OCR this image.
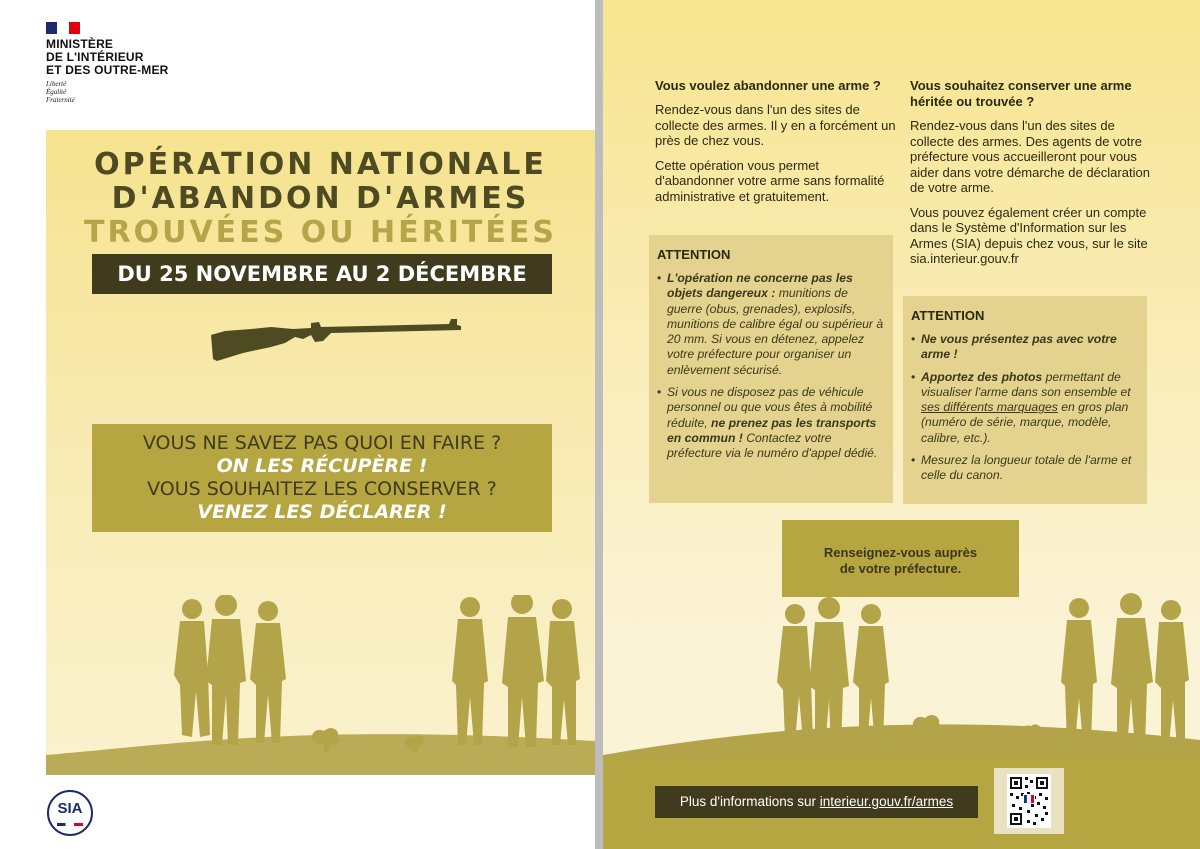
MINISTÈRE
DE L'INTÉRIEUR
ET DES OUTRE-MER
Liberté
Égalité
Fraternité
OPÉRATION NATIONALE
D'ABANDON D'ARMES
TROUVÉES OU HÉRITÉES
DU 25 NOVEMBRE AU 2 DÉCEMBRE

VOUS NE SAVEZ PAS QUOI EN FAIRE ?

ON LES RÉCUPÈRE !

VOUS SOUHAITEZ LES CONSERVER ?

VENEZ LES DÉCLARER !

SIA
Vous voulez abandonner une arme ?

Rendez-vous dans l'un des sites de collecte des armes. Il y en a forcément un près de chez vous.

Cette opération vous permet d'abandonner votre arme sans formalité administrative et gratuitement.

Vous souhaitez conserver une arme héritée ou trouvée ?

Rendez-vous dans l'un des sites de collecte des armes. Des agents de votre préfecture vous accueilleront pour vous aider dans votre démarche de déclaration de votre arme.

Vous pouvez également créer un compte dans le Système d'Information sur les Armes (SIA) depuis chez vous, sur le site sia.interieur.gouv.fr

ATTENTION
• L'opération ne concerne pas les objets dangereux : munitions de guerre (obus, grenades), explosifs, munitions de calibre égal ou supérieur à 20 mm. Si vous en détenez, appelez votre préfecture pour organiser un enlèvement sécurisé.
• Si vous ne disposez pas de véhicule personnel ou que vous êtes à mobilité réduite, ne prenez pas les transports en commun ! Contactez votre préfecture via le numéro d'appel dédié.
ATTENTION
• Ne vous présentez pas avec votre arme !
• Apportez des photos permettant de visualiser l'arme dans son ensemble et ses différents marquages en gros plan (numéro de série, marque, modèle, calibre, etc.).
• Mesurez la longueur totale de l'arme et celle du canon.
Renseignez-vous auprès
de votre préfecture.
Plus d'informations sur interieur.gouv.fr/armes
